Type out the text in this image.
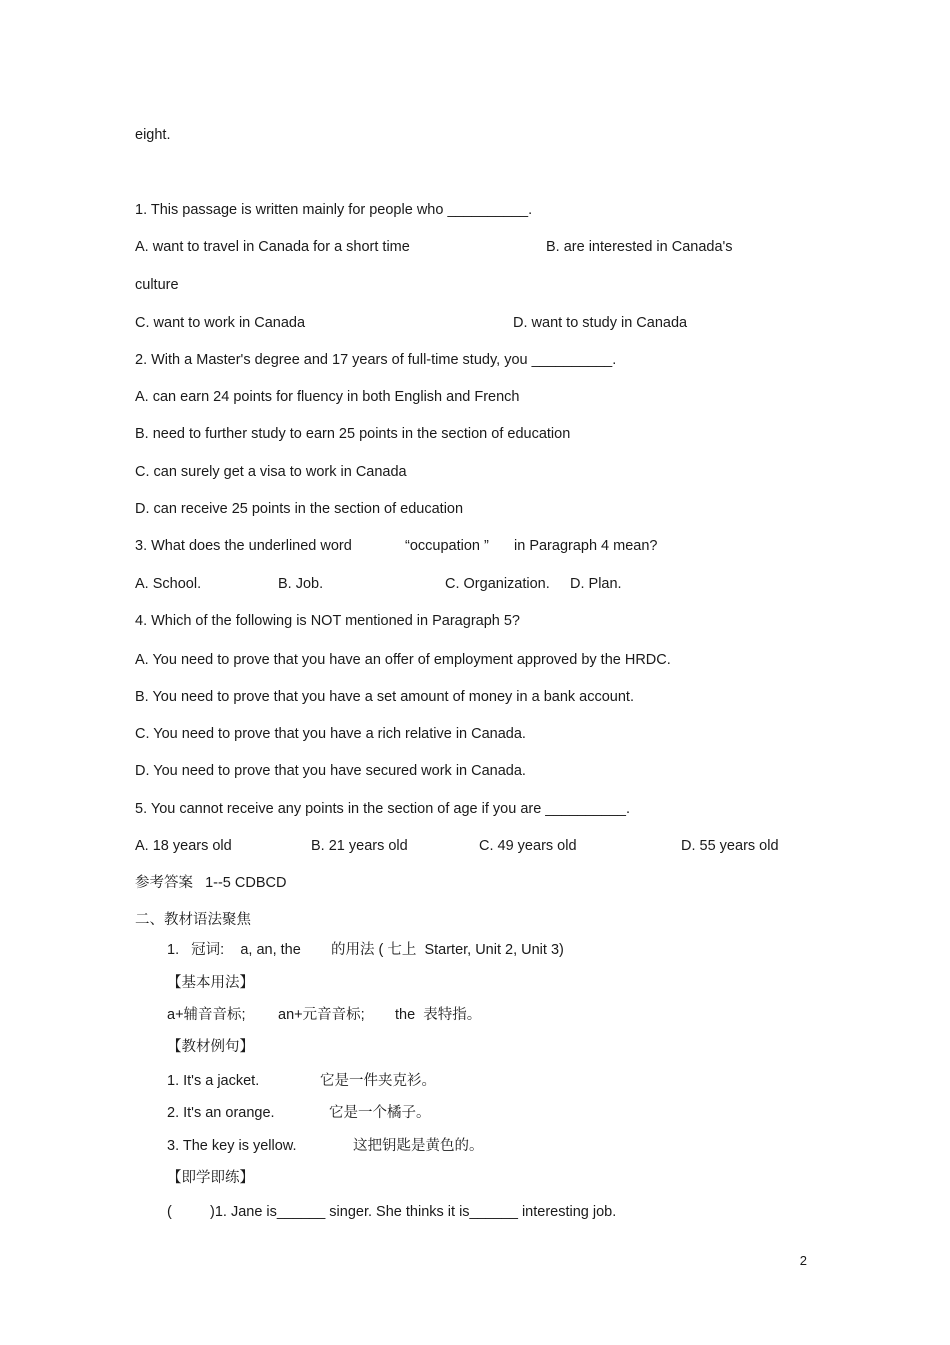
eight.
1. This passage is written mainly for people who __________.
A. want to travel in Canada for a short time	B. are interested in Canada's
culture
C. want to work in Canada	D. want to study in Canada
2. With a Master's degree and 17 years of full-time study, you __________.
A. can earn 24 points for fluency in both English and French
B. need to further study to earn 25 points in the section of education
C. can surely get a visa to work in Canada
D. can receive 25 points in the section of education
3. What does the underlined word	“occupation ” in Paragraph 4 mean?
A. School.	B. Job.	C. Organization. D. Plan.
4. Which of the following is NOT mentioned in Paragraph 5?
A. You need to prove that you have an offer of employment approved by the HRDC.
B. You need to prove that you have a set amount of money in a bank account.
C. You need to prove that you have a rich relative in Canada.
D. You need to prove that you have secured work in Canada.
5. You cannot receive any points in the section of age if you are __________.
A. 18 years old	B. 21 years old	C. 49 years old	D. 55 years old
参考答案   1--5 CDBCD
二、教材语法聚焦
1.   冠词:    a, an, the 的用法 ( 七上  Starter, Unit 2, Unit 3)
【基本用法】
a+辅音音标; an+元音音标; the  表特指。
【教材例句】
1. It's a jacket.	它是一件夹克衫。
2. It's an orange.	它是一个橘子。
3. The key is yellow.	这把钥匙是黄色的。
【即学即练】
(	)1. Jane is______ singer. She thinks it is______ interesting job.
2
